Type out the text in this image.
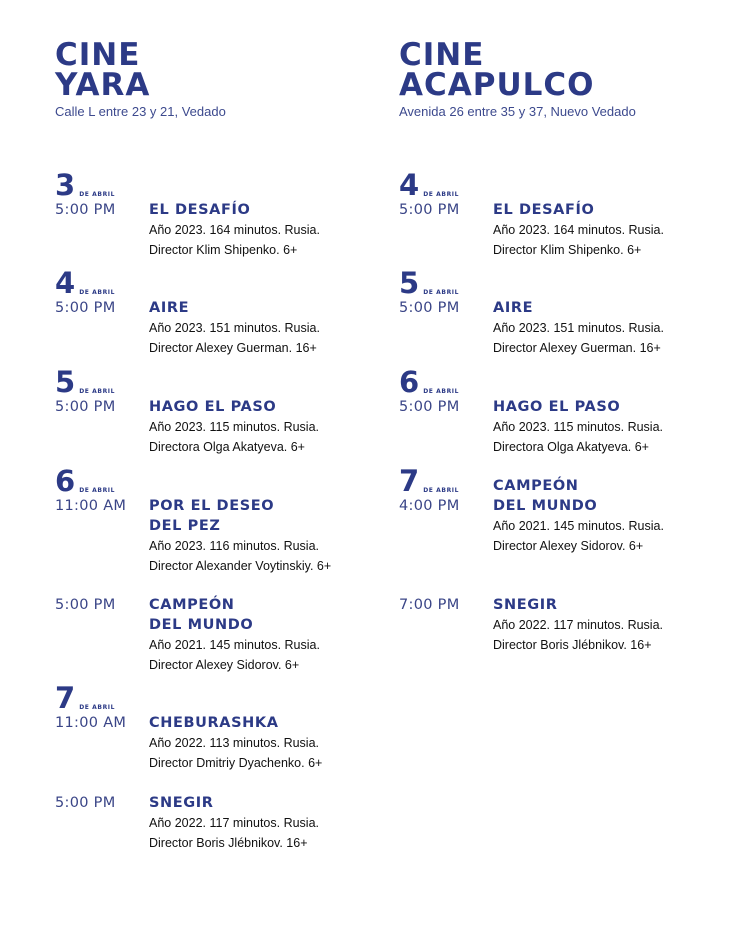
CINE
YARA
Calle L entre 23 y 21, Vedado
3 DE ABRIL
5:00 PM EL DESAFÍO
Año 2023. 164 minutos. Rusia.
Director Klim Shipenko. 6+
4 DE ABRIL
5:00 PM AIRE
Año 2023. 151 minutos. Rusia.
Director Alexey Guerman. 16+
5 DE ABRIL
5:00 PM HAGO EL PASO
Año 2023. 115 minutos. Rusia.
Directora Olga Akatyeva. 6+
6 DE ABRIL
11:00 AM POR EL DESEO
DEL PEZ
Año 2023. 116 minutos. Rusia.
Director Alexander Voytinskiy. 6+
5:00 PM CAMPEÓN
DEL MUNDO
Año 2021. 145 minutos. Rusia.
Director Alexey Sidorov. 6+
7 DE ABRIL
11:00 AM CHEBURASHKA
Año 2022. 113 minutos. Rusia.
Director Dmitriy Dyachenko. 6+
5:00 PM SNEGIR
Año 2022. 117 minutos. Rusia.
Director Boris Jlébnikov. 16+
CINE
ACAPULCO
Avenida 26 entre 35 y 37, Nuevo Vedado
4 DE ABRIL
5:00 PM EL DESAFÍO
Año 2023. 164 minutos. Rusia.
Director Klim Shipenko. 6+
5 DE ABRIL
5:00 PM AIRE
Año 2023. 151 minutos. Rusia.
Director Alexey Guerman. 16+
6 DE ABRIL
5:00 PM HAGO EL PASO
Año 2023. 115 minutos. Rusia.
Directora Olga Akatyeva. 6+
7 DE ABRIL
4:00 PM
CAMPEÓN
DEL MUNDO
Año 2021. 145 minutos. Rusia.
Director Alexey Sidorov. 6+
7:00 PM SNEGIR
Año 2022. 117 minutos. Rusia.
Director Boris Jlébnikov. 16+
